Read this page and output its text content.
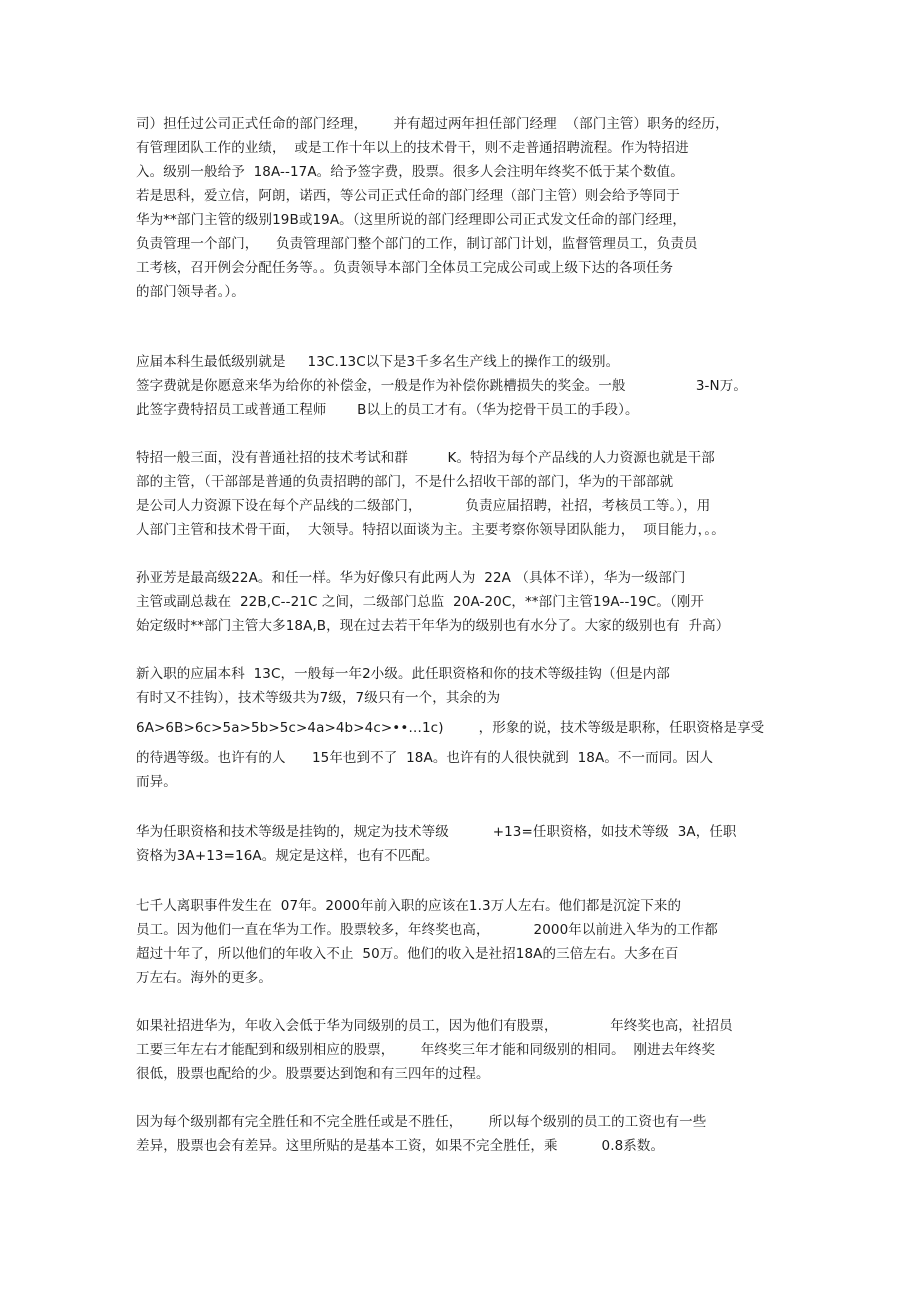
司）担任过公司正式任命的部门经理，      并有超过两年担任部门经理  （部门主管）职务的经历，
有管理团队工作的业绩，  或是工作十年以上的技术骨干，则不走普通招聘流程。作为特招进
入。级别一般给予  18A--17A。给予签字费，股票。很多人会注明年终奖不低于某个数值。
若是思科，爱立信，阿朗，诺西，等公司正式任命的部门经理（部门主管）则会给予等同于
华为**部门主管的级别19B或19A。（这里所说的部门经理即公司正式发文任命的部门经理，
负责管理一个部门，    负责管理部门整个部门的工作，制订部门计划，监督管理员工，负责员
工考核，召开例会分配任务等。。负责领导本部门全体员工完成公司或上级下达的各项任务
的部门领导者。）。
应届本科生最低级别就是     13C.13C以下是3千多名生产线上的操作工的级别。
签字费就是你愿意来华为给你的补偿金，一般是作为补偿你跳槽损失的奖金。一般                3-N万。
此签字费特招员工或普通工程师       B以上的员工才有。（华为挖骨干员工的手段）。
特招一般三面，没有普通社招的技术考试和群         K。特招为每个产品线的人力资源也就是干部
部的主管，（干部部是普通的负责招聘的部门，不是什么招收干部的部门，华为的干部部就
是公司人力资源下设在每个产品线的二级部门，          负责应届招聘，社招，考核员工等。），用
人部门主管和技术骨干面，  大领导。特招以面谈为主。主要考察你领导团队能力，  项目能力，。。
孙亚芳是最高级22A。和任一样。华为好像只有此两人为  22A （具体不详），华为一级部门
主管或副总裁在  22B,C--21C 之间，二级部门总监  20A-20C，**部门主管19A--19C。（刚开
始定级时**部门主管大多18A,B，现在过去若干年华为的级别也有水分了。大家的级别也有  升高）
新入职的应届本科  13C，一般每一年2小级。此任职资格和你的技术等级挂钩（但是内部
有时又不挂钩），技术等级共为7级，7级只有一个，其余的为
6A>6B>6c>5a>5b>5c>4a>4b>4c>••…1c)        ，形象的说，技术等级是职称，任职资格是享受
的待遇等级。也许有的人      15年也到不了  18A。也许有的人很快就到  18A。不一而同。因人
而异。
华为任职资格和技术等级是挂钩的，规定为技术等级          +13=任职资格，如技术等级  3A，任职
资格为3A+13=16A。规定是这样，也有不匹配。
七千人离职事件发生在  07年。2000年前入职的应该在1.3万人左右。他们都是沉淀下来的
员工。因为他们一直在华为工作。股票较多，年终奖也高，          2000年以前进入华为的工作都
超过十年了，所以他们的年收入不止  50万。他们的收入是社招18A的三倍左右。大多在百
万左右。海外的更多。
如果社招进华为，年收入会低于华为同级别的员工，因为他们有股票，            年终奖也高，社招员
工要三年左右才能配到和级别相应的股票，      年终奖三年才能和同级别的相同。  刚进去年终奖
很低，股票也配给的少。股票要达到饱和有三四年的过程。
因为每个级别都有完全胜任和不完全胜任或是不胜任，      所以每个级别的员工的工资也有一些
差异，股票也会有差异。这里所贴的是基本工资，如果不完全胜任，乘          0.8系数。
